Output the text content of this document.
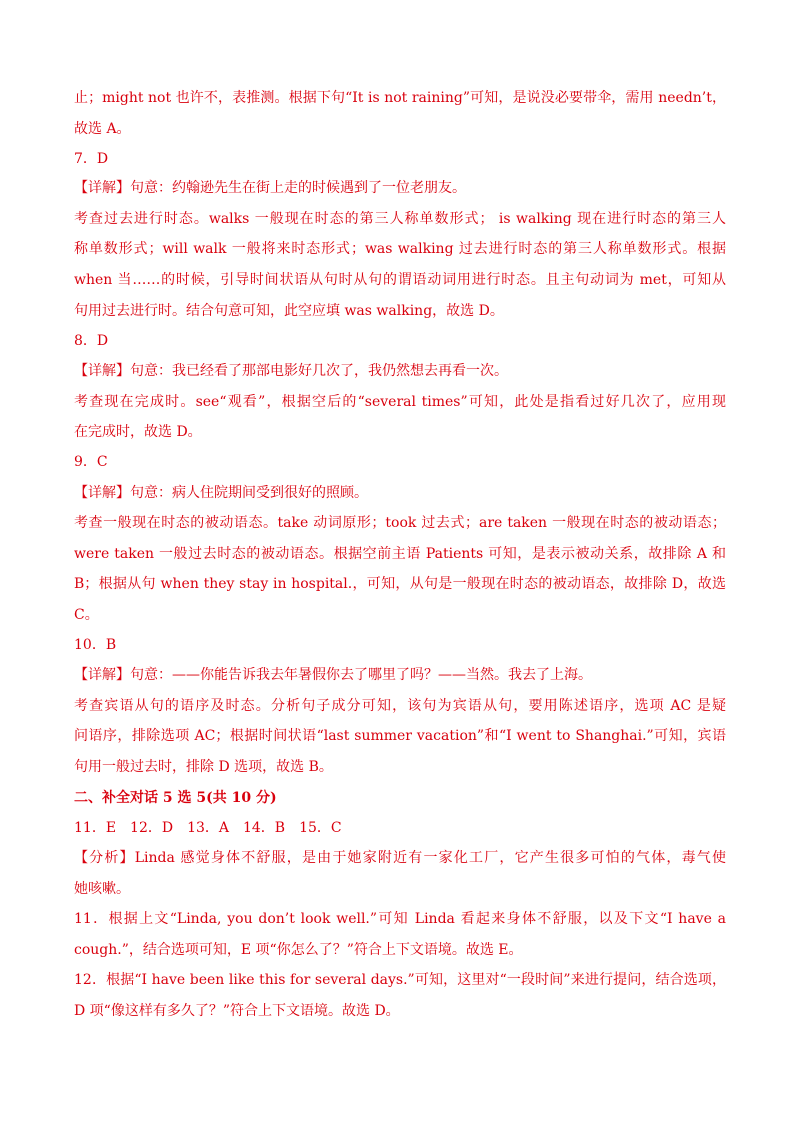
止；might not 也许不，表推测。根据下句“It is not raining”可知，是说没必要带伞，需用 needn’t，
故选 A。
7．D
【详解】句意：约翰逊先生在街上走的时候遇到了一位老朋友。
考查过去进行时态。walks 一般现在时态的第三人称单数形式； is walking 现在进行时态的第三人
称单数形式；will walk 一般将来时态形式；was walking 过去进行时态的第三人称单数形式。根据
when 当……的时候，引导时间状语从句时从句的谓语动词用进行时态。且主句动词为 met，可知从
句用过去进行时。结合句意可知，此空应填 was walking，故选 D。
8．D
【详解】句意：我已经看了那部电影好几次了，我仍然想去再看一次。
考查现在完成时。see“观看”，根据空后的“several times”可知，此处是指看过好几次了，应用现
在完成时，故选 D。
9．C
【详解】句意：病人住院期间受到很好的照顾。
考查一般现在时态的被动语态。take 动词原形；took 过去式；are taken 一般现在时态的被动语态；
were taken 一般过去时态的被动语态。根据空前主语 Patients 可知，是表示被动关系，故排除 A 和
B；根据从句 when they stay in hospital.，可知，从句是一般现在时态的被动语态，故排除 D，故选
C。
10．B
【详解】句意：——你能告诉我去年暑假你去了哪里了吗？——当然。我去了上海。
考查宾语从句的语序及时态。分析句子成分可知，该句为宾语从句，要用陈述语序，选项 AC 是疑
问语序，排除选项 AC；根据时间状语“last summer vacation”和“I went to Shanghai.”可知，宾语
句用一般过去时，排除 D 选项，故选 B。
二、补全对话 5 选 5(共 10 分)
11．E　12．D　13．A　14．B　15．C
【分析】Linda 感觉身体不舒服，是由于她家附近有一家化工厂，它产生很多可怕的气体，毒气使
她咳嗽。
11．根据上文“Linda, you don’t look well.”可知 Linda 看起来身体不舒服，以及下文“I have a
cough.”，结合选项可知，E 项“你怎么了？”符合上下文语境。故选 E。
12．根据“I have been like this for several days.”可知，这里对“一段时间”来进行提问，结合选项，
D 项“像这样有多久了？”符合上下文语境。故选 D。
